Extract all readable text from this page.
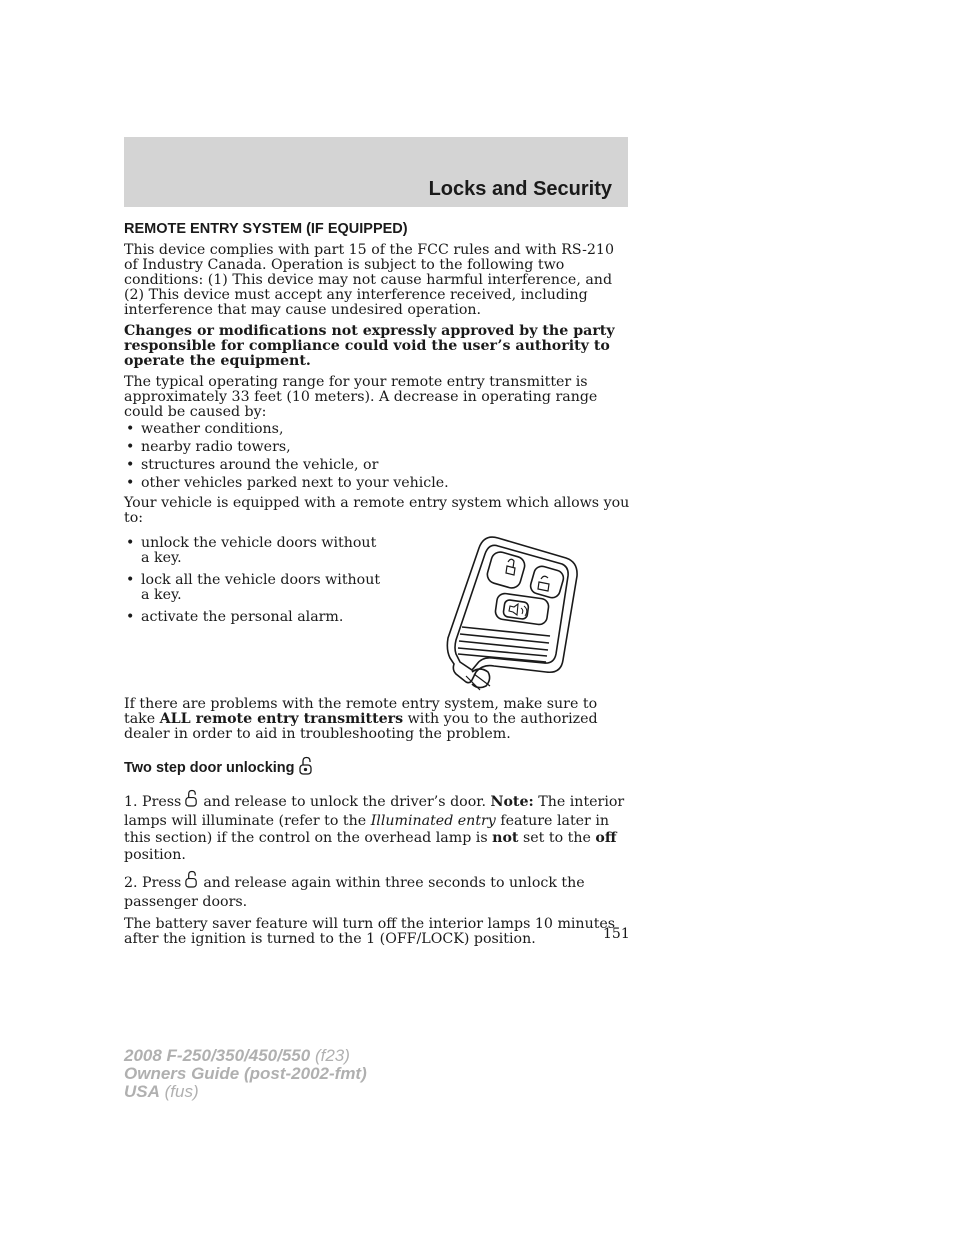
Locks and Security
REMOTE ENTRY SYSTEM (IF EQUIPPED)

This device complies with part 15 of the FCC rules and with RS-210 of Industry Canada. Operation is subject to the following two conditions: (1) This device may not cause harmful interference, and (2) This device must accept any interference received, including interference that may cause undesired operation.

Changes or modifications not expressly approved by the party responsible for compliance could void the user’s authority to operate the equipment.

The typical operating range for your remote entry transmitter is approximately 33 feet (10 meters). A decrease in operating range could be caused by:

• weather conditions,
• nearby radio towers,
• structures around the vehicle, or
• other vehicles parked next to your vehicle.

Your vehicle is equipped with a remote entry system which allows you to:

• unlock the vehicle doors without a key.
• lock all the vehicle doors without a key.
• activate the personal alarm.

If there are problems with the remote entry system, make sure to take ALL remote entry transmitters with you to the authorized dealer in order to aid in troubleshooting the problem.

Two step door unlocking

1. Press and release to unlock the driver’s door. Note: The interior lamps will illuminate (refer to the Illuminated entry feature later in this section) if the control on the overhead lamp is not set to the off position.

2. Press and release again within three seconds to unlock the passenger doors.

The battery saver feature will turn off the interior lamps 10 minutes after the ignition is turned to the 1 (OFF/LOCK) position.	151
2008 F-250/350/450/550 (f23)
Owners Guide (post-2002-fmt)
USA (fus)
